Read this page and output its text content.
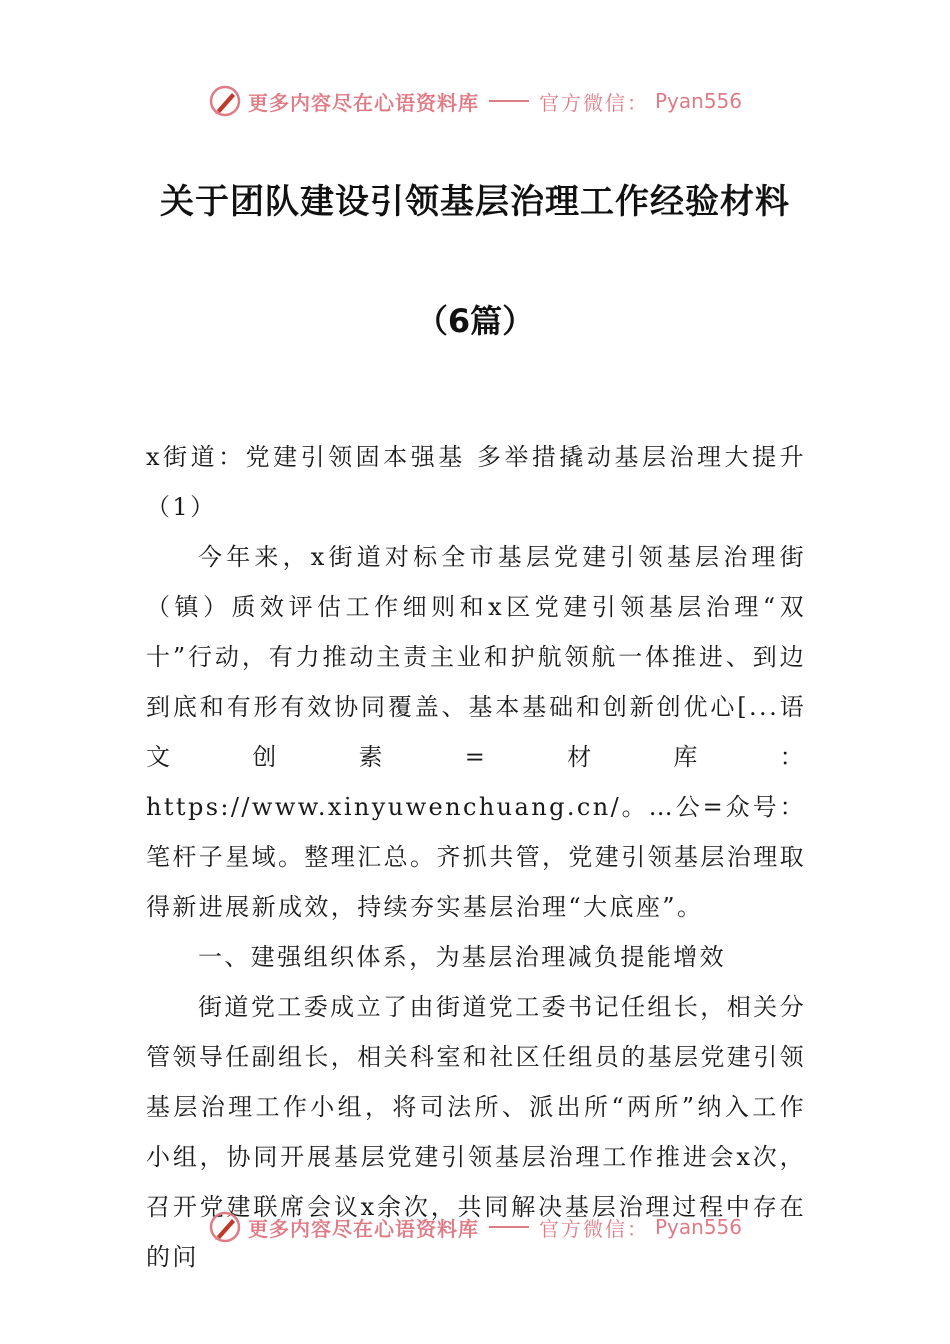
更多内容尽在心语资料库	官方微信： Pyan556
关于团队建设引领基层治理工作经验材料
（6篇）

x街道：党建引领固本强基 多举措撬动基层治理大提升（1）

今年来，x街道对标全市基层党建引领基层治理街（镇）质效评估工作细则和x区党建引领基层治理“双十”行动，有力推动主责主业和护航领航一体推进、到边到底和有形有效协同覆盖、基本基础和创新创优心[...语文创素=材库：https://www.xinyuwenchuang.cn/。…公=众号：笔杆子星域。整理汇总。齐抓共管，党建引领基层治理取得新进展新成效，持续夯实基层治理“大底座”。

一、建强组织体系，为基层治理减负提能增效

街道党工委成立了由街道党工委书记任组长，相关分管领导任副组长，相关科室和社区任组员的基层党建引领基层治理工作小组，将司法所、派出所“两所”纳入工作小组，协同开展基层党建引领基层治理工作推进会x次，召开党建联席会议x余次，共同解决基层治理过程中存在的问

更多内容尽在心语资料库	官方微信： Pyan556
